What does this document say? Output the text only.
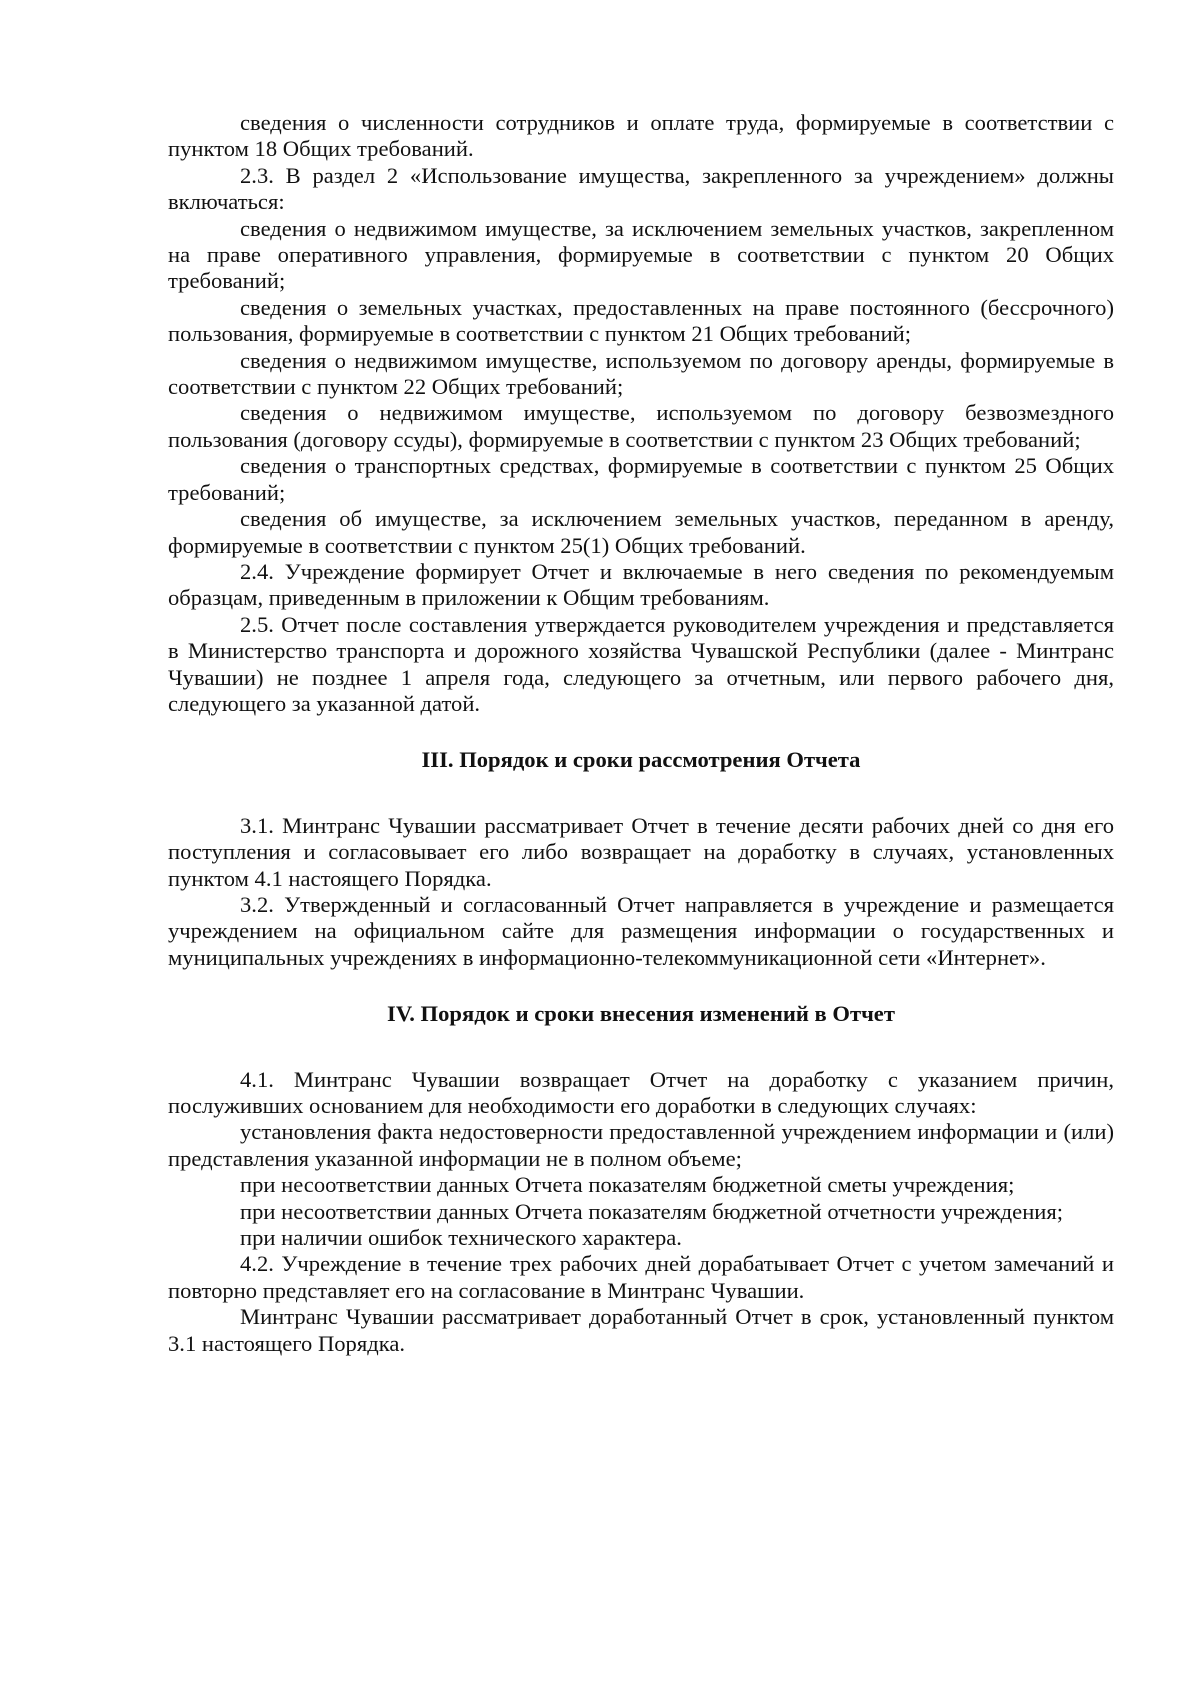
сведения о численности сотрудников и оплате труда, формируемые в соответствии с пунктом 18 Общих требований.

2.3. В раздел 2 «Использование имущества, закрепленного за учреждением» должны включаться:

сведения о недвижимом имуществе, за исключением земельных участков, закрепленном на праве оперативного управления, формируемые в соответствии с пунктом 20 Общих требований;

сведения о земельных участках, предоставленных на праве постоянного (бессрочного) пользования, формируемые в соответствии с пунктом 21 Общих требований;

сведения о недвижимом имуществе, используемом по договору аренды, формируемые в соответствии с пунктом 22 Общих требований;

сведения о недвижимом имуществе, используемом по договору безвозмездного пользования (договору ссуды), формируемые в соответствии с пунктом 23 Общих требований;

сведения о транспортных средствах, формируемые в соответствии с пунктом 25 Общих требований;

сведения об имуществе, за исключением земельных участков, переданном в аренду, формируемые в соответствии с пунктом 25(1) Общих требований.

2.4. Учреждение формирует Отчет и включаемые в него сведения по рекомендуемым образцам, приведенным в приложении к Общим требованиям.

2.5. Отчет после составления утверждается руководителем учреждения и представляется в Министерство транспорта и дорожного хозяйства Чувашской Республики (далее - Минтранс Чувашии) не позднее 1 апреля года, следующего за отчетным, или первого рабочего дня, следующего за указанной датой.

III. Порядок и сроки рассмотрения Отчета

3.1. Минтранс Чувашии рассматривает Отчет в течение десяти рабочих дней со дня его поступления и согласовывает его либо возвращает на доработку в случаях, установленных пунктом 4.1 настоящего Порядка.

3.2. Утвержденный и согласованный Отчет направляется в учреждение и размещается учреждением на официальном сайте для размещения информации о государственных и муниципальных учреждениях в информационно-телекоммуникационной сети «Интернет».

IV. Порядок и сроки внесения изменений в Отчет

4.1. Минтранс Чувашии возвращает Отчет на доработку с указанием причин, послуживших основанием для необходимости его доработки в следующих случаях:

установления факта недостоверности предоставленной учреждением информации и (или) представления указанной информации не в полном объеме;

при несоответствии данных Отчета показателям бюджетной сметы учреждения;

при несоответствии данных Отчета показателям бюджетной отчетности учреждения;

при наличии ошибок технического характера.

4.2. Учреждение в течение трех рабочих дней дорабатывает Отчет с учетом замечаний и повторно представляет его на согласование в Минтранс Чувашии.

Минтранс Чувашии рассматривает доработанный Отчет в срок, установленный пунктом 3.1 настоящего Порядка.
